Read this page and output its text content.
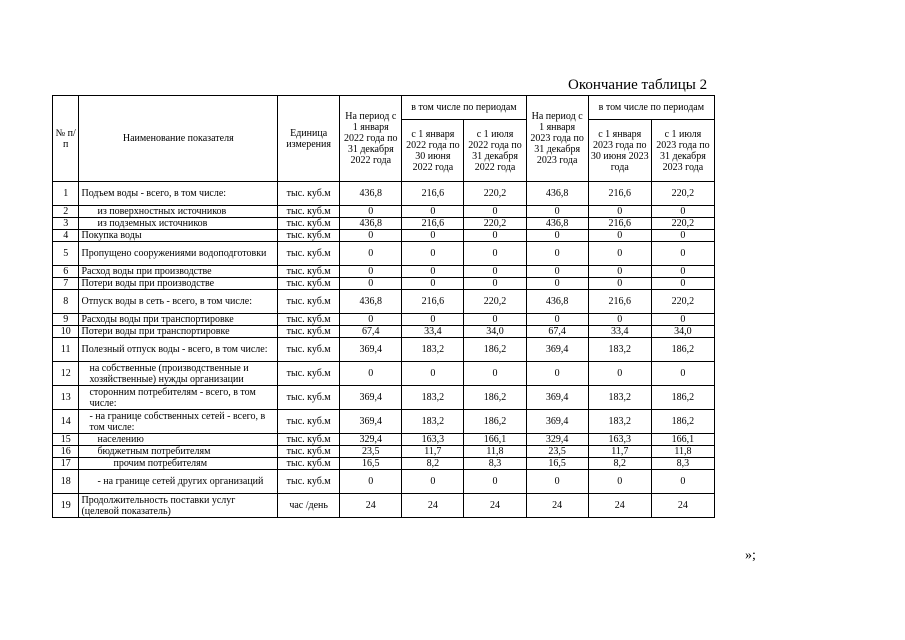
Окончание таблицы 2
№ п/п	Наименование показателя	Единица измерения	На период с 1 января 2022 года по 31 декабря 2022 года	в том числе по периодам		На период с 1 января 2023 года по 31 декабря 2023 года	в том числе по периодам	
				с 1 января 2022 года по 30 июня 2022 года	с 1 июля 2022 года по 31 декабря 2022 года		с 1 января 2023 года по 30 июня 2023 года	с 1 июля 2023 года по 31 декабря 2023 года
1	Подъем воды - всего, в том числе:	тыс. куб.м	436,8	216,6	220,2	436,8	216,6	220,2
2	из поверхностных источников	тыс. куб.м	0	0	0	0	0	0
3	из подземных источников	тыс. куб.м	436,8	216,6	220,2	436,8	216,6	220,2
4	Покупка воды	тыс. куб.м	0	0	0	0	0	0
5	Пропущено сооружениями водоподготовки	тыс. куб.м	0	0	0	0	0	0
6	Расход воды при производстве	тыс. куб.м	0	0	0	0	0	0
7	Потери воды при производстве	тыс. куб.м	0	0	0	0	0	0
8	Отпуск воды в сеть - всего, в том числе:	тыс. куб.м	436,8	216,6	220,2	436,8	216,6	220,2
9	Расходы воды при транспортировке	тыс. куб.м	0	0	0	0	0	0
10	Потери воды при транспортировке	тыс. куб.м	67,4	33,4	34,0	67,4	33,4	34,0
11	Полезный отпуск воды - всего, в том числе:	тыс. куб.м	369,4	183,2	186,2	369,4	183,2	186,2
12	на собственные (производственные и хозяйственные) нужды организации	тыс. куб.м	0	0	0	0	0	0
13	сторонним потребителям - всего, в том числе:	тыс. куб.м	369,4	183,2	186,2	369,4	183,2	186,2
14	- на границе собственных сетей - всего, в том числе:	тыс. куб.м	369,4	183,2	186,2	369,4	183,2	186,2
15	населению	тыс. куб.м	329,4	163,3	166,1	329,4	163,3	166,1
16	бюджетным потребителям	тыс. куб.м	23,5	11,7	11,8	23,5	11,7	11,8
17	прочим потребителям	тыс. куб.м	16,5	8,2	8,3	16,5	8,2	8,3
18	- на границе сетей других организаций	тыс. куб.м	0	0	0	0	0	0
19	Продолжительность поставки услуг (целевой показатель)	час /день	24	24	24	24	24	24
»;
